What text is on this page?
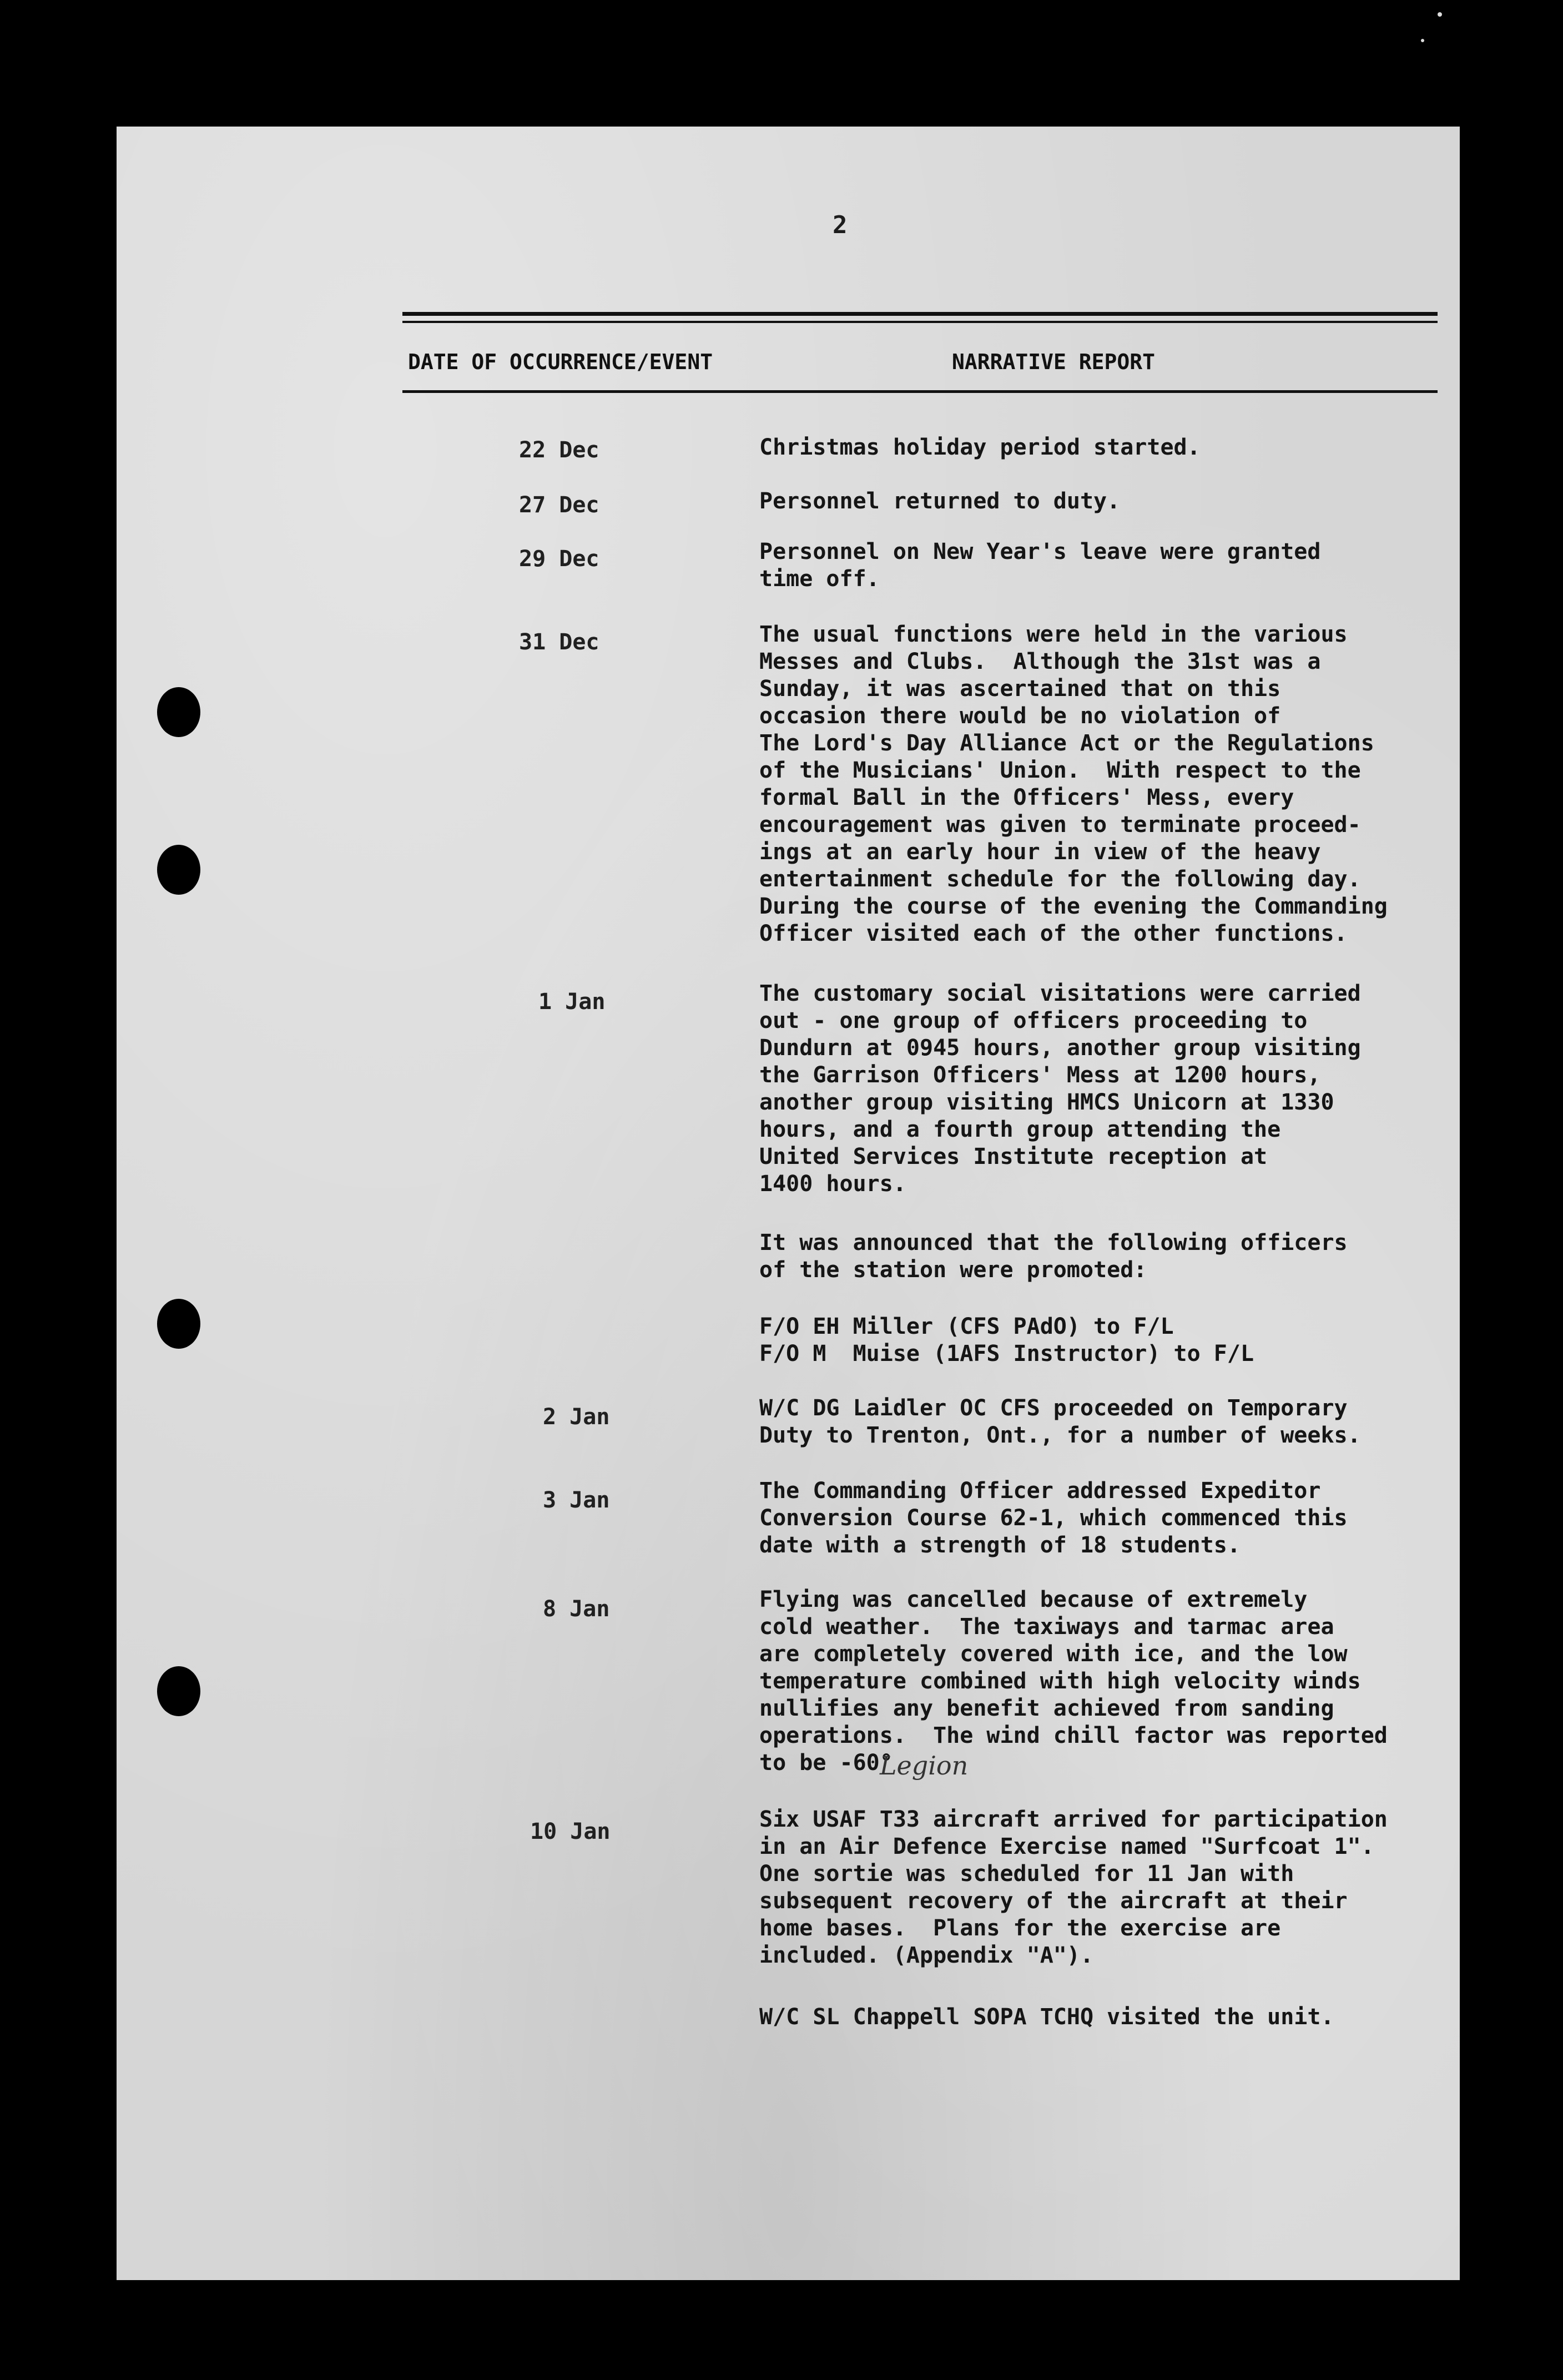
2
DATE OF OCCURRENCE/EVENT	NARRATIVE REPORT
22 Dec	Christmas holiday period started.
27 Dec	Personnel returned to duty.
29 Dec	Personnel on New Year's leave were granted
time off.
31 Dec	The usual functions were held in the various
Messes and Clubs.  Although the 31st was a
Sunday, it was ascertained that on this
occasion there would be no violation of
The Lord's Day Alliance Act or the Regulations
of the Musicians' Union.  With respect to the
formal Ball in the Officers' Mess, every
encouragement was given to terminate proceed-
ings at an early hour in view of the heavy
entertainment schedule for the following day.
During the course of the evening the Commanding
Officer visited each of the other functions.
1 Jan	The customary social visitations were carried
out - one group of officers proceeding to
Dundurn at 0945 hours, another group visiting
the Garrison Officers' Mess at 1200 hours,
another group visiting HMCS Unicorn at 1330
hours, and a fourth group attending the
United Services Institute reception at
1400 hours.
It was announced that the following officers
of the station were promoted:
F/O EH Miller (CFS PAdO) to F/L
F/O M  Muise (1AFS Instructor) to F/L
2 Jan	W/C DG Laidler OC CFS proceeded on Temporary
Duty to Trenton, Ont., for a number of weeks.
3 Jan	The Commanding Officer addressed Expeditor
Conversion Course 62-1, which commenced this
date with a strength of 18 students.
8 Jan	Flying was cancelled because of extremely
cold weather.  The taxiways and tarmac area
are completely covered with ice, and the low
temperature combined with high velocity winds
nullifies any benefit achieved from sanding
operations.  The wind chill factor was reported
to be -60°
Legion
10 Jan	Six USAF T33 aircraft arrived for participation
in an Air Defence Exercise named "Surfcoat 1".
One sortie was scheduled for 11 Jan with
subsequent recovery of the aircraft at their
home bases.  Plans for the exercise are
included. (Appendix "A").
W/C SL Chappell SOPA TCHQ visited the unit.
